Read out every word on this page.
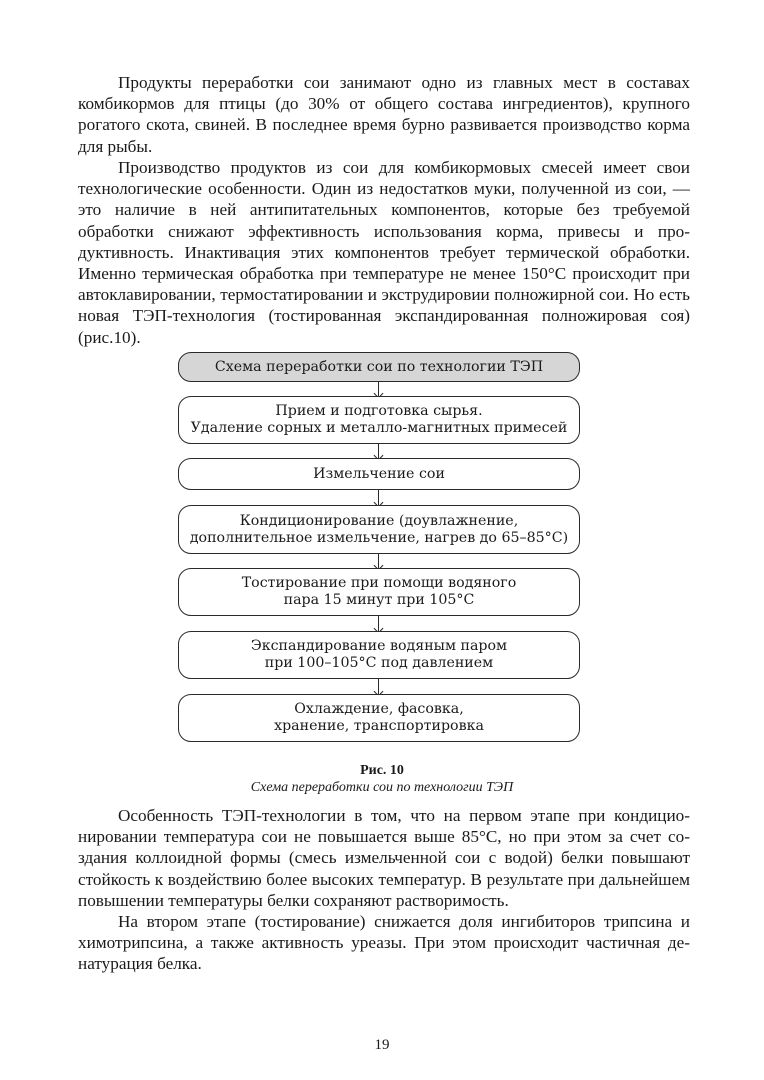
Продукты переработки сои занимают одно из главных мест в составах комбикормов для птицы (до 30% от общего состава ингредиентов), крупного рогатого скота, свиней. В последнее время бурно развивается производство корма для рыбы.

Производство продуктов из сои для комбикормовых смесей имеет свои технологические особенности. Один из недостатков муки, полученной из сои, — это наличие в ней антипитательных компонентов, которые без требуемой обработки снижают эффективность использования корма, привесы и продуктивность. Инактивация этих компонентов требует термической обработки. Именно термическая обработка при температуре не менее 150°С происходит при автоклавировании, термостатировании и экструдировии полножирной сои. Но есть новая ТЭП-технология (тостированная экспандированная полножировая соя) (рис.10).

Схема переработки сои по технологии ТЭП
Прием и подготовка сырья.
Удаление сорных и металло-магнитных примесей
Измельчение сои
Кондиционирование (доувлажнение,
дополнительное измельчение, нагрев до 65–85°С)
Тостирование при помощи водяного
пара 15 минут при 105°С
Экспандирование водяным паром
при 100–105°С под давлением
Охлаждение, фасовка,
хранение, транспортировка
Рис. 10
Схема переработки сои по технологии ТЭП

Особенность ТЭП-технологии в том, что на первом этапе при кондиционировании температура сои не повышается выше 85°С, но при этом за счет создания коллоидной формы (смесь измельченной сои с водой) белки повышают стойкость к воздействию более высоких температур. В результате при дальнейшем повышении температуры белки сохраняют растворимость.

На втором этапе (тостирование) снижается доля ингибиторов трипсина и химотрипсина, а также активность уреазы. При этом происходит частичная денатурация белка.

19
